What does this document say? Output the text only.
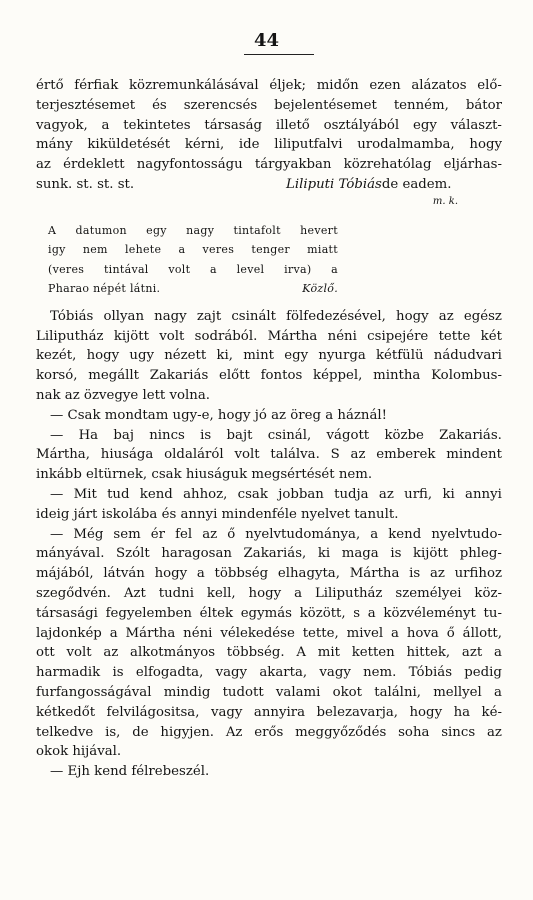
44
értő férfiak közremunkálásával éljek; midőn ezen alázatos elő-
terjesztésemet és szerencsés bejelentésemet tenném, bátor
vagyok, a tekintetes társaság illető osztályából egy választ-
mány kiküldetését kérni, ide liliputfalvi urodalmamba, hogy
az érdeklett nagyfontosságu tárgyakban közrehatólag eljárhas-
sunk. st. st. st.	Liliputi Tóbiás de eadem.
m. k.
A datumon egy nagy tintafolt hevert
igy nem lehete a veres tenger miatt
(veres tintával volt a level irva) a
Pharao népét látni.	Közlő.
Tóbiás ollyan nagy zajt csinált fölfedezésével, hogy az egész
Liliputház kijött volt sodrából. Mártha néni csipejére tette két
kezét, hogy ugy nézett ki, mint egy nyurga kétfülü nádudvari
korsó, megállt Zakariás előtt fontos képpel, mintha Kolombus-
nak az özvegye lett volna.
— Csak mondtam ugy-e, hogy jó az öreg a háznál!
— Ha baj nincs is bajt csinál, vágott közbe Zakariás.
Mártha, hiusága oldaláról volt találva. S az emberek mindent
inkább eltürnek, csak hiuságuk megsértését nem.
— Mit tud kend ahhoz, csak jobban tudja az urfi, ki annyi
ideig járt iskolába és annyi mindenféle nyelvet tanult.
— Még sem ér fel az ő nyelvtudománya, a kend nyelvtudo-
mányával. Szólt haragosan Zakariás, ki maga is kijött phleg-
májából, látván hogy a többség elhagyta, Mártha is az urfihoz
szegődvén. Azt tudni kell, hogy a Liliputház személyei köz-
társasági fegyelemben éltek egymás között, s a közvéleményt tu-
lajdonkép a Mártha néni vélekedése tette, mivel a hova ő állott,
ott volt az alkotmányos többség. A mit ketten hittek, azt a
harmadik is elfogadta, vagy akarta, vagy nem. Tóbiás pedig
furfangosságával mindig tudott valami okot találni, mellyel a
kétkedőt felvilágositsa, vagy annyira belezavarja, hogy ha ké-
telkedve is, de higyjen. Az erős meggyőződés soha sincs az
okok hijával.
— Ejh kend félrebeszél.
